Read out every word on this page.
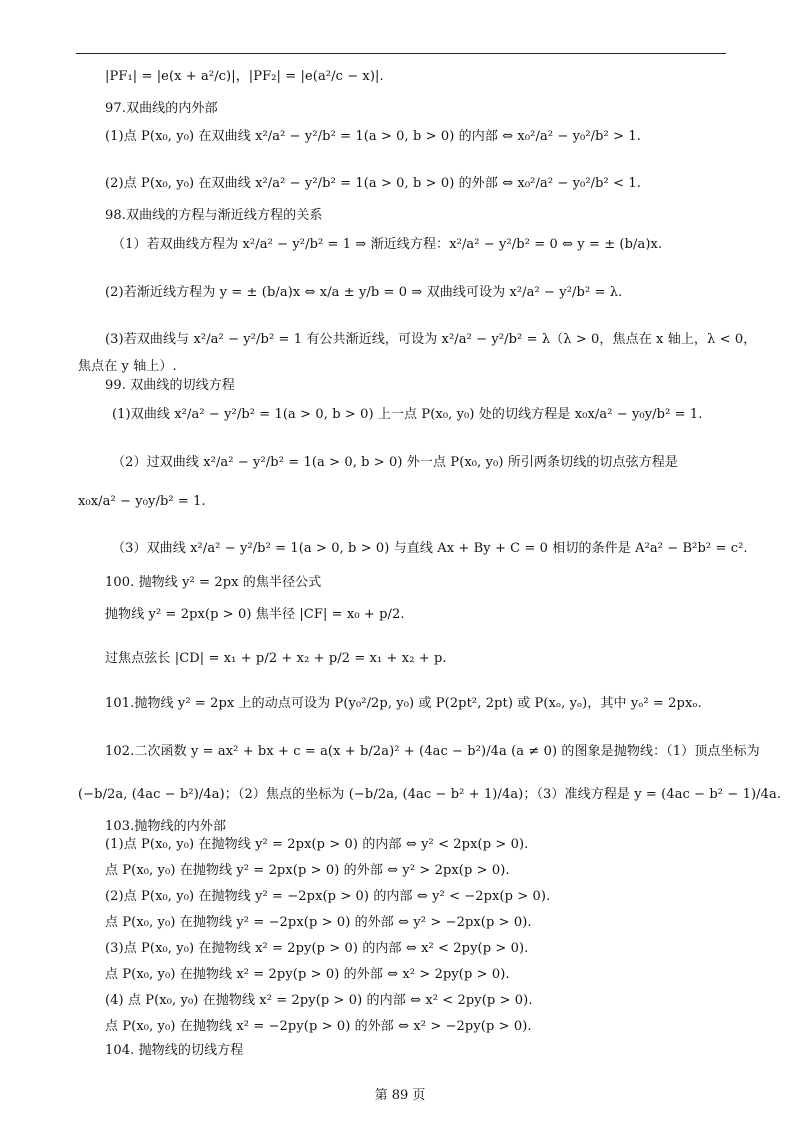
|PF₁| = |e(x + a²/c)|，|PF₂| = |e(a²/c − x)|.
97.双曲线的内外部
(1)点 P(x₀, y₀) 在双曲线 x²/a² − y²/b² = 1(a > 0, b > 0) 的内部 ⇔ x₀²/a² − y₀²/b² > 1.
(2)点 P(x₀, y₀) 在双曲线 x²/a² − y²/b² = 1(a > 0, b > 0) 的外部 ⇔ x₀²/a² − y₀²/b² < 1.
98.双曲线的方程与渐近线方程的关系
（1）若双曲线方程为 x²/a² − y²/b² = 1 ⇒ 渐近线方程：x²/a² − y²/b² = 0 ⇔ y = ± (b/a)x.
(2)若渐近线方程为 y = ± (b/a)x ⇔ x/a ± y/b = 0 ⇒ 双曲线可设为 x²/a² − y²/b² = λ.
(3)若双曲线与 x²/a² − y²/b² = 1 有公共渐近线，可设为 x²/a² − y²/b² = λ（λ > 0，焦点在 x 轴上，λ < 0，
焦点在 y 轴上）.
99. 双曲线的切线方程
(1)双曲线 x²/a² − y²/b² = 1(a > 0, b > 0) 上一点 P(x₀, y₀) 处的切线方程是 x₀x/a² − y₀y/b² = 1.
（2）过双曲线 x²/a² − y²/b² = 1(a > 0, b > 0) 外一点 P(x₀, y₀) 所引两条切线的切点弦方程是
x₀x/a² − y₀y/b² = 1.
（3）双曲线 x²/a² − y²/b² = 1(a > 0, b > 0) 与直线 Ax + By + C = 0 相切的条件是 A²a² − B²b² = c².
100. 抛物线 y² = 2px 的焦半径公式
抛物线 y² = 2px(p > 0) 焦半径 |CF| = x₀ + p/2.
过焦点弦长 |CD| = x₁ + p/2 + x₂ + p/2 = x₁ + x₂ + p.
101.抛物线 y² = 2px 上的动点可设为 P(y₀²/2p, y₀) 或 P(2pt², 2pt) 或 P(xₒ, yₒ)，其中 yₒ² = 2pxₒ.
102.二次函数 y = ax² + bx + c = a(x + b/2a)² + (4ac − b²)/4a (a ≠ 0) 的图象是抛物线：（1）顶点坐标为
(−b/2a, (4ac − b²)/4a)；（2）焦点的坐标为 (−b/2a, (4ac − b² + 1)/4a)；（3）准线方程是 y = (4ac − b² − 1)/4a.
103.抛物线的内外部
(1)点 P(x₀, y₀) 在抛物线 y² = 2px(p > 0) 的内部 ⇔ y² < 2px(p > 0).
点 P(x₀, y₀) 在抛物线 y² = 2px(p > 0) 的外部 ⇔ y² > 2px(p > 0).
(2)点 P(x₀, y₀) 在抛物线 y² = −2px(p > 0) 的内部 ⇔ y² < −2px(p > 0).
点 P(x₀, y₀) 在抛物线 y² = −2px(p > 0) 的外部 ⇔ y² > −2px(p > 0).
(3)点 P(x₀, y₀) 在抛物线 x² = 2py(p > 0) 的内部 ⇔ x² < 2py(p > 0).
点 P(x₀, y₀) 在抛物线 x² = 2py(p > 0) 的外部 ⇔ x² > 2py(p > 0).
(4) 点 P(x₀, y₀) 在抛物线 x² = 2py(p > 0) 的内部 ⇔ x² < 2py(p > 0).
点 P(x₀, y₀) 在抛物线 x² = −2py(p > 0) 的外部 ⇔ x² > −2py(p > 0).
104. 抛物线的切线方程
第 89 页
